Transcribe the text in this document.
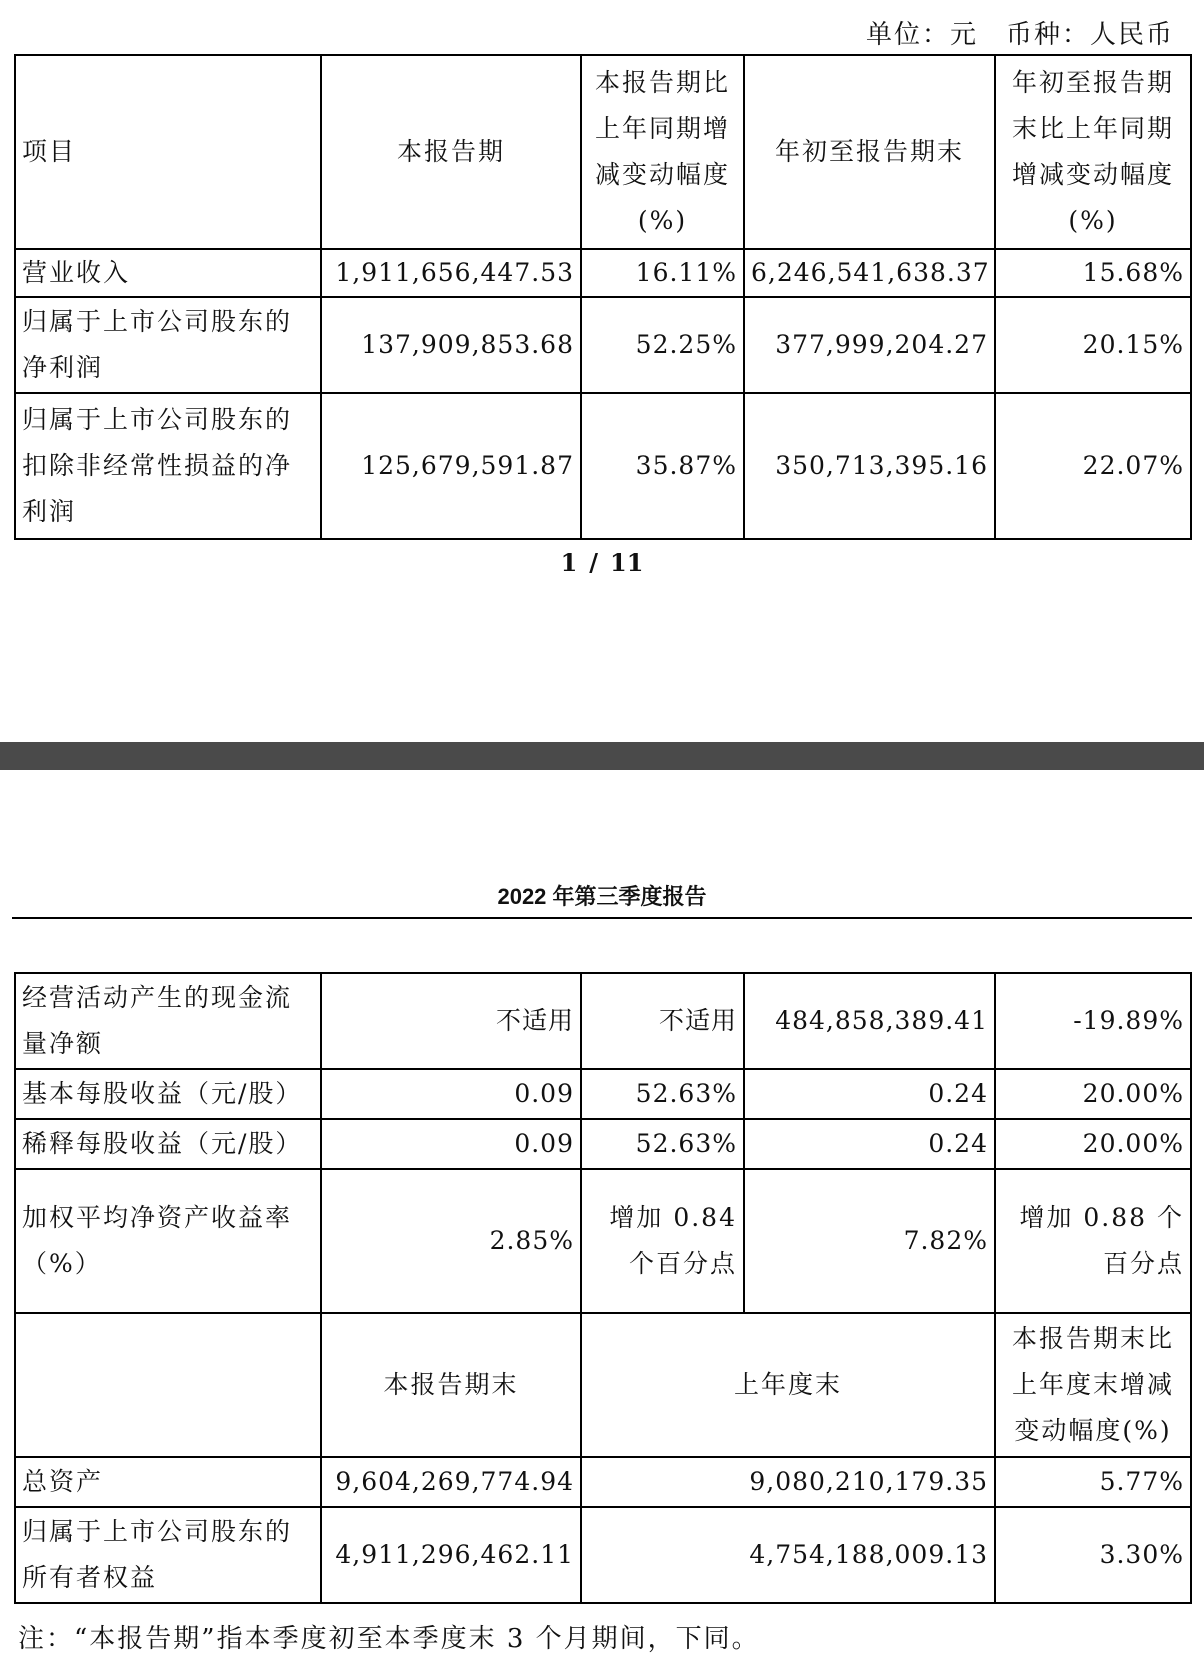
单位：元　币种：人民币
项目	本报告期	本报告期比上年同期增减变动幅度(%)	年初至报告期末	年初至报告期末比上年同期增减变动幅度(%)
营业收入	1,911,656,447.53	16.11%	6,246,541,638.37	15.68%
归属于上市公司股东的净利润	137,909,853.68	52.25%	377,999,204.27	20.15%
归属于上市公司股东的扣除非经常性损益的净利润	125,679,591.87	35.87%	350,713,395.16	22.07%
1 / 11
2022 年第三季度报告
经营活动产生的现金流量净额	不适用	不适用	484,858,389.41	-19.89%
基本每股收益（元/股）	0.09	52.63%	0.24	20.00%
稀释每股收益（元/股）	0.09	52.63%	0.24	20.00%
加权平均净资产收益率（%）	2.85%	增加 0.84 个百分点	7.82%	增加 0.88 个百分点
	本报告期末	上年度末		本报告期末比上年度末增减变动幅度(%)
总资产	9,604,269,774.94	9,080,210,179.35		5.77%
归属于上市公司股东的所有者权益	4,911,296,462.11	4,754,188,009.13		3.30%
注：“本报告期”指本季度初至本季度末 3 个月期间，下同。
